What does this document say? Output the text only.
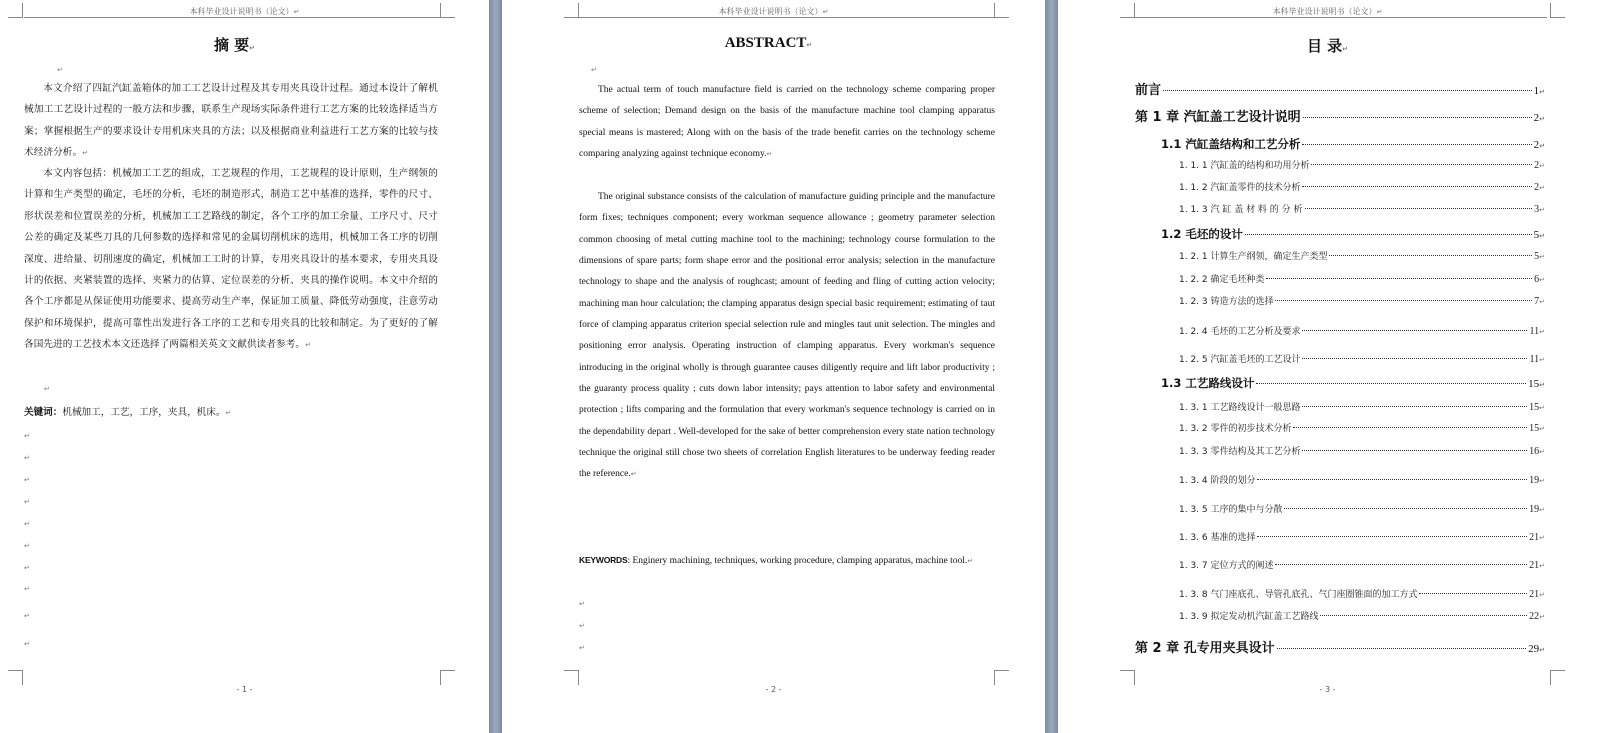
本科毕业设计说明书（论文）↵
摘 要↵
↵
本文介绍了四缸汽缸盖箱体的加工工艺设计过程及其专用夹具设计过程。通过本设计了解机械加工工艺设计过程的一般方法和步骤，联系生产现场实际条件进行工艺方案的比较选择适当方案；掌握根据生产的要求设计专用机床夹具的方法；以及根据商业利益进行工艺方案的比较与技术经济分析。↵
本文内容包括：机械加工工艺的组成，工艺规程的作用，工艺规程的设计原则，生产纲领的计算和生产类型的确定，毛坯的分析，毛坯的制造形式，制造工艺中基准的选择，零件的尺寸、形状误差和位置误差的分析，机械加工工艺路线的制定，各个工序的加工余量、工序尺寸、尺寸公差的确定及某些刀具的几何参数的选择和常见的金属切削机床的选用，机械加工各工序的切削深度、进给量、切削速度的确定，机械加工工时的计算，专用夹具设计的基本要求，专用夹具设计的依据、夹紧装置的选择、夹紧力的估算、定位误差的分析、夹具的操作说明。本文中介绍的各个工序都是从保证使用功能要求、提高劳动生产率，保证加工质量、降低劳动强度，注意劳动保护和环境保护，提高可靠性出发进行各工序的工艺和专用夹具的比较和制定。为了更好的了解各国先进的工艺技术本文还选择了两篇相关英文文献供读者参考。↵
↵
关键词：机械加工，工艺，工序，夹具，机床。↵
↵
↵
↵
↵
↵
↵
↵
↵
↵
↵
- 1 -
本科毕业设计说明书（论文）↵
ABSTRACT↵
↵
The actual term of touch manufacture field is carried on the technology scheme comparing proper scheme of selection; Demand design on the basis of the manufacture machine tool clamping apparatus special means is mastered; Along with on the basis of the trade benefit carries on the technology scheme comparing analyzing against technique economy.↵
The original substance consists of the calculation of manufacture guiding principle and the manufacture form fixes; techniques component; every workman sequence allowance ; geometry parameter selection common choosing of metal cutting machine tool to the machining; technology course formulation to the dimensions of spare parts; form shape error and the positional error analysis; selection in the manufacture technology to shape and the analysis of roughcast; amount of feeding and fling of cutting action velocity; machining man hour calculation; the clamping apparatus design special basic requirement; estimating of taut force of clamping apparatus criterion special selection rule and mingles taut unit selection. The mingles and positioning error analysis. Operating instruction of clamping apparatus. Every workman's sequence introducing in the original wholly is through guarantee causes diligently require and lift labor productivity ; the guaranty process quality ; cuts down labor intensity; pays attention to labor safety and environmental protection ; lifts comparing and the formulation that every workman's sequence technology is carried on in the dependability depart . Well-developed for the sake of better comprehension every state nation technology technique the original still chose two sheets of correlation English literatures to be underway feeding reader the reference.↵
KEYWORDS: Enginery machining, techniques, working procedure, clamping apparatus, machine tool.↵
↵
↵
↵
- 2 -
本科毕业设计说明书（论文）↵
目 录↵
前言	1 ↵
第 1 章 汽缸盖工艺设计说明	2 ↵
1.1 汽缸盖结构和工艺分析	2 ↵
1. 1. 1 汽缸盖的结构和功用分析	2 ↵
1. 1. 2 汽缸盖零件的技术分析	2 ↵
1. 1. 3 汽 缸 盖 材 料 的 分 析	3 ↵
1.2 毛坯的设计	5 ↵
1. 2. 1 计算生产纲领，确定生产类型	5 ↵
1. 2. 2 确定毛坯种类	6 ↵
1. 2. 3 铸造方法的选择	7 ↵
1. 2. 4 毛坯的工艺分析及要求	11 ↵
1. 2. 5 汽缸盖毛坯的工艺设计	11 ↵
1.3 工艺路线设计	15 ↵
1. 3. 1 工艺路线设计一般思路	15 ↵
1. 3. 2 零件的初步技术分析	15 ↵
1. 3. 3 零件结构及其工艺分析	16 ↵
1. 3. 4 阶段的划分	19 ↵
1. 3. 5 工序的集中与分散	19 ↵
1. 3. 6 基准的选择	21 ↵
1. 3. 7 定位方式的阐述	21 ↵
1. 3. 8 气门座底孔、导管孔底孔、气门座圈锥面的加工方式	21 ↵
1. 3. 9 拟定发动机汽缸盖工艺路线	22 ↵
第 2 章 孔专用夹具设计	29 ↵
- 3 -
